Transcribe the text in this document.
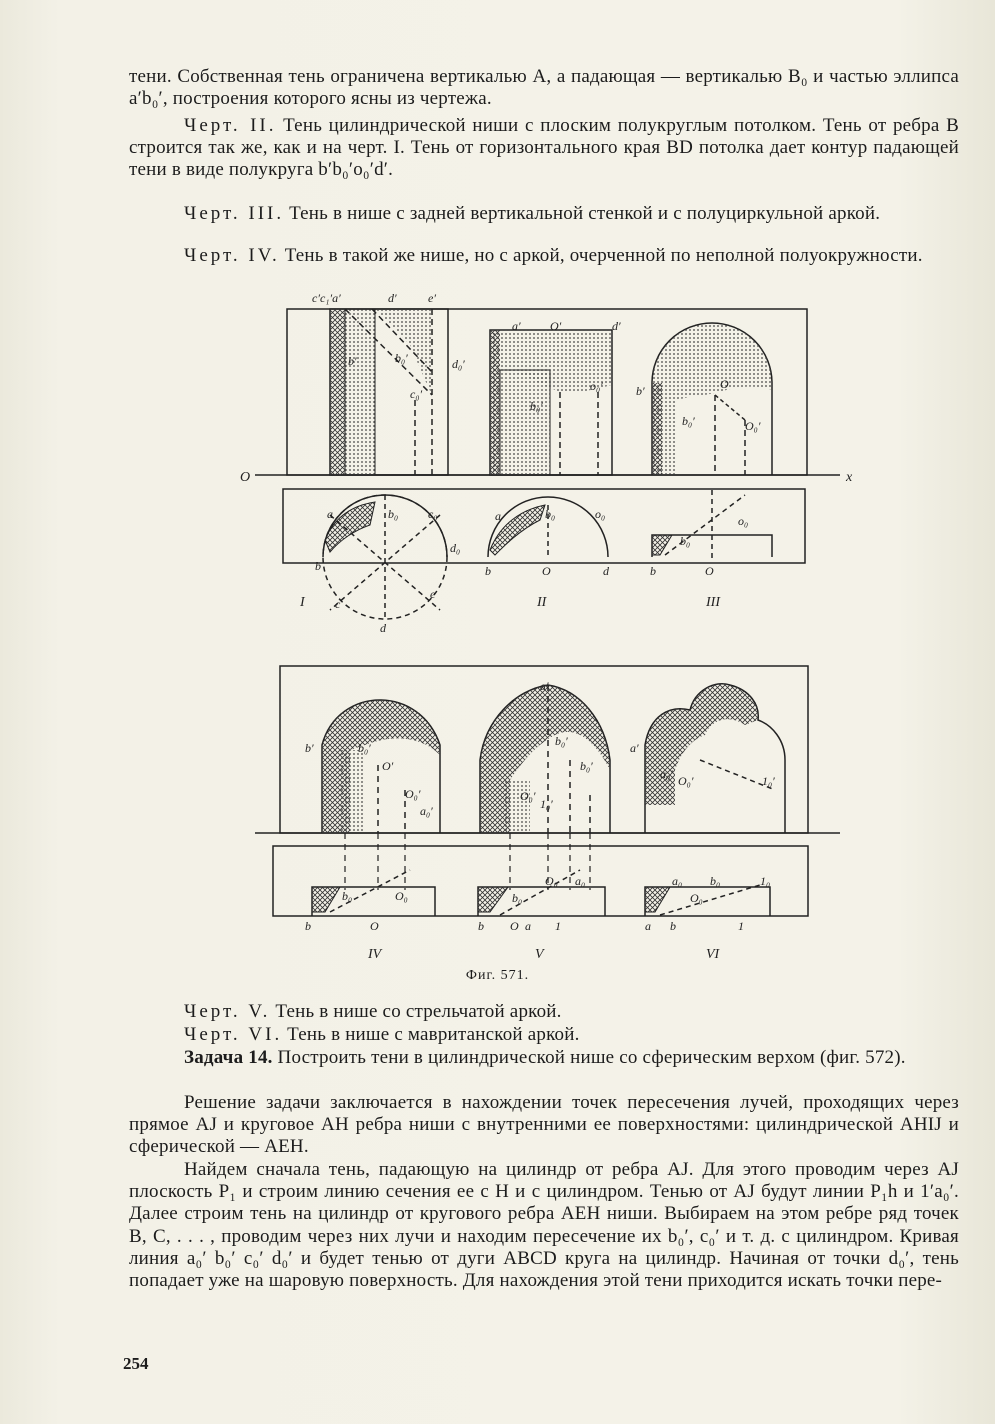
тени. Собственная тень ограничена вертикалью A, а падающая — вертикалью B₀ и частью эллипса a′b₀′, построения которого ясны из чертежа.

Черт. II. Тень цилиндрической ниши с плоским полукруглым потолком. Тень от ребра B строится так же, как и на черт. I. Тень от горизонтального края BD потолка дает контур падающей тени в виде полукруга b′b₀′o₀′d′.

Черт. III. Тень в нише с задней вертикальной стенкой и с полуциркульной аркой.

Черт. IV. Тень в такой же нише, но с аркой, очерченной по неполной полуокружности.

I	II	III
IV	V	VI
O	x
c′c₁′a′	d′	e′
b′
a′ O′	d′
b₀′	d₀′
c₀′
b₀′
o₀′	b′	O
b₀′	O₀′
a	b₀ c₀
b
d₀
c
e
d
a	b₀	o₀
b	O	d
b₀
o₀
b	O
a′
b′	b₀′
O′
O₀′
a₀′
b₀′
O₀′
1₀′
b₀′
a′
a₀′ O₀′	1₀′
b₀	O₀
b	O
b₀
O₀ a₀
b O a 1
a₀ b₀	1₀
O₀
a b	1
Фиг. 571.

Черт. V. Тень в нише со стрельчатой аркой.

Черт. VI. Тень в нише с мавританской аркой.

Задача 14. Построить тени в цилиндрической нише со сферическим верхом (фиг. 572).

Решение задачи заключается в нахождении точек пересечения лучей, проходящих через прямое AJ и круговое AH ребра ниши с внутренними ее поверхностями: цилиндрической AHIJ и сферической — AEH.

Найдем сначала тень, падающую на цилиндр от ребра AJ. Для этого проводим через AJ плоскость P₁ и строим линию сечения ее с H и с цилиндром. Тенью от AJ будут линии P₁h и 1′a₀′. Далее строим тень на цилиндр от кругового ребра AEH ниши. Выбираем на этом ребре ряд точек B, C, . . . , проводим через них лучи и находим пересечение их b₀′, c₀′ и т. д. с цилиндром. Кривая линия a₀′ b₀′ c₀′ d₀′ и будет тенью от дуги ABCD круга на цилиндр. Начиная от точки d₀′, тень попадает уже на шаровую поверхность. Для нахождения этой тени приходится искать точки пере-

254
